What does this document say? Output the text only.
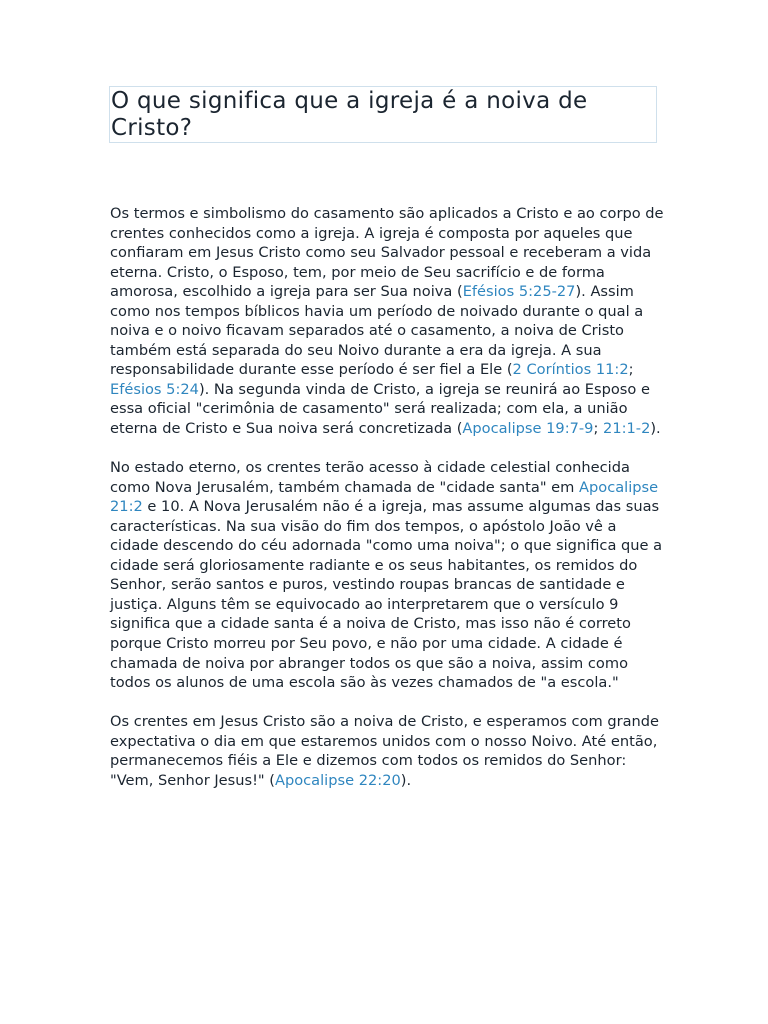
O que significa que a igreja é a noiva de Cristo?

Os termos e simbolismo do casamento são aplicados a Cristo e ao corpo de crentes conhecidos como a igreja. A igreja é composta por aqueles que confiaram em Jesus Cristo como seu Salvador pessoal e receberam a vida eterna. Cristo, o Esposo, tem, por meio de Seu sacrifício e de forma amorosa, escolhido a igreja para ser Sua noiva (Efésios 5:25-27). Assim como nos tempos bíblicos havia um período de noivado durante o qual a noiva e o noivo ficavam separados até o casamento, a noiva de Cristo também está separada do seu Noivo durante a era da igreja. A sua responsabilidade durante esse período é ser fiel a Ele (2 Coríntios 11:2; Efésios 5:24). Na segunda vinda de Cristo, a igreja se reunirá ao Esposo e essa oficial "cerimônia de casamento" será realizada; com ela, a união eterna de Cristo e Sua noiva será concretizada (Apocalipse 19:7-9; 21:1-2).

No estado eterno, os crentes terão acesso à cidade celestial conhecida como Nova Jerusalém, também chamada de "cidade santa" em Apocalipse 21:2 e 10. A Nova Jerusalém não é a igreja, mas assume algumas das suas características. Na sua visão do fim dos tempos, o apóstolo João vê a cidade descendo do céu adornada "como uma noiva"; o que significa que a cidade será gloriosamente radiante e os seus habitantes, os remidos do Senhor, serão santos e puros, vestindo roupas brancas de santidade e justiça. Alguns têm se equivocado ao interpretarem que o versículo 9 significa que a cidade santa é a noiva de Cristo, mas isso não é correto porque Cristo morreu por Seu povo, e não por uma cidade. A cidade é chamada de noiva por abranger todos os que são a noiva, assim como todos os alunos de uma escola são às vezes chamados de "a escola."

Os crentes em Jesus Cristo são a noiva de Cristo, e esperamos com grande expectativa o dia em que estaremos unidos com o nosso Noivo. Até então, permanecemos fiéis a Ele e dizemos com todos os remidos do Senhor: "Vem, Senhor Jesus!" (Apocalipse 22:20).
